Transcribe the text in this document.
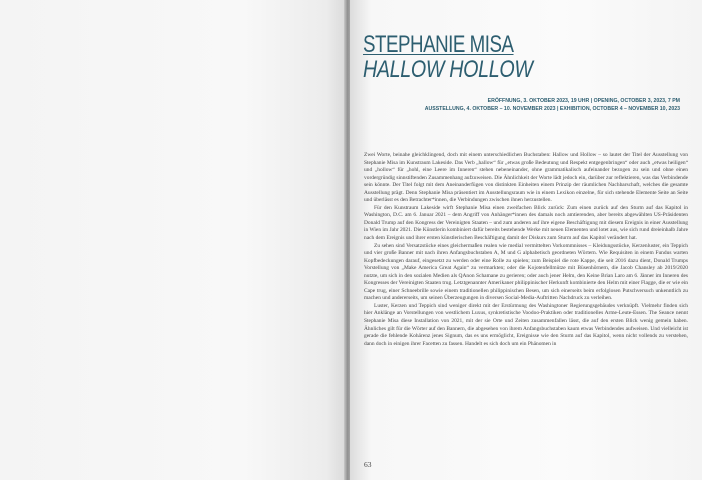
STEPHANIE MISA
HALLOW HOLLOW
ERÖFFNUNG, 3. OKTOBER 2023, 19 UHR | OPENING, OCTOBER 3, 2023, 7 PM
AUSSTELLUNG, 4. OKTOBER – 10. NOVEMBER 2023 | EXHIBITION, OCTOBER 4 – NOVEMBER 10, 2023

Zwei Worte, beinahe gleichklingend, doch mit einem unterschiedlichen Buchstaben: Hallow und Hollow – so lautet der Titel der Ausstellung von Stephanie Misa im Kunstraum Lakeside. Das Verb „hallow“ für „etwas große Bedeutung und Respekt entgegenbringen“ oder auch „etwas heiligen“ und „hollow“ für „hohl, eine Leere im Inneren“ stehen nebeneinander, ohne grammatikalisch aufeinander bezogen zu sein und ohne einen vordergründig sinnstiftenden Zusammenhang aufzuweisen. Die Ähnlichkeit der Worte lädt jedoch ein, darüber zur reflektieren, was das Verbindende sein könnte. Der Titel folgt mit dem Aneinanderfügen von distinkten Einheiten einem Prinzip der räumlichen Nachbarschaft, welches die gesamte Ausstellung prägt. Denn Stephanie Misa präsentiert im Ausstellungsraum wie in einem Lexikon einzelne, für sich stehende Elemente Seite an Seite und überlässt es den Betrachter*innen, die Verbindungen zwischen ihnen herzustellen.

Für den Kunstraum Lakeside wirft Stephanie Misa einen zweifachen Blick zurück: Zum einen zurück auf den Sturm auf das Kapitol in Washington, D.C. am 6. Januar 2021 – dem Angriff von Anhänger*innen des damals noch amtierenden, aber bereits abgewählten US-Präsidenten Donald Trump auf den Kongress der Vereinigten Staaten – und zum anderen auf ihre eigene Beschäftigung mit diesem Ereignis in einer Ausstellung in Wien im Jahr 2021. Die Künstlerin kombiniert dafür bereits bestehende Werke mit neuen Elementen und lotet aus, wie sich rund dreieinhalb Jahre nach dem Ereignis und ihrer ersten künstlerischen Beschäftigung damit der Diskurs zum Sturm auf das Kapitol verändert hat.

Zu sehen sind Versatzstücke eines gleichermaßen realen wie medial vermittelten Vorkommnisses – Kleidungsstücke, Kerzenluster, ein Teppich und vier große Banner mit nach ihren Anfangsbuchstaben A, M und G alphabetisch geordneten Wörtern. Wie Requisiten in einem Fundus warten Kopfbedeckungen darauf, eingesetzt zu werden oder eine Rolle zu spielen; zum Beispiel die rote Kappe, die seit 2016 dazu dient, Donald Trumps Vorstellung von „Make America Great Again“ zu vermarkten; oder die Kojotenfellmütze mit Büsenhörnern, die Jacob Chansley ab 2019/2020 nutzte, um sich in den sozialen Medien als QAnon Schamane zu gerieren; oder auch jener Helm, den Keine Brian Laro am 6. Jänner im Inneren des Kongresses der Vereinigten Staaten trug. Letztgenannter Amerikaner philippinischer Herkunft kombinierte den Helm mit einer Flagge, die er wie ein Cape trug, einer Schneebrille sowie einem traditionellen philippinischen Besen, um sich einerseits beim erfolglosen Putschversuch unkenntlich zu machen und andererseits, um seinen Überzeugungen in diversen Social-Media-Auftritten Nachdruck zu verleihen.

Luster, Kerzen und Teppich sind weniger direkt mit der Erstürmung des Washingtoner Regierungsgebäudes verknüpft. Vielmehr finden sich hier Anklänge an Vorstellungen von westlichem Luxus, synkretistische Voodoo-Praktiken oder traditionelles Arme-Leute-Essen. The Seance nennt Stephanie Misa diese Installation von 2021, mit der sie Orte und Zeiten zusammenfallen lässt, die auf den ersten Blick wenig gemein haben. Ähnliches gilt für die Wörter auf den Bannern, die abgesehen von ihrem Anfangsbuchstaben kaum etwas Verbindendes aufweisen. Und vielleicht ist gerade die fehlende Kohärenz jenes Signum, das es uns ermöglicht, Ereignisse wie den Sturm auf das Kapitol, wenn nicht vollends zu verstehen, dann doch in einigen ihrer Facetten zu fassen. Handelt es sich doch um ein Phänomen in

63
